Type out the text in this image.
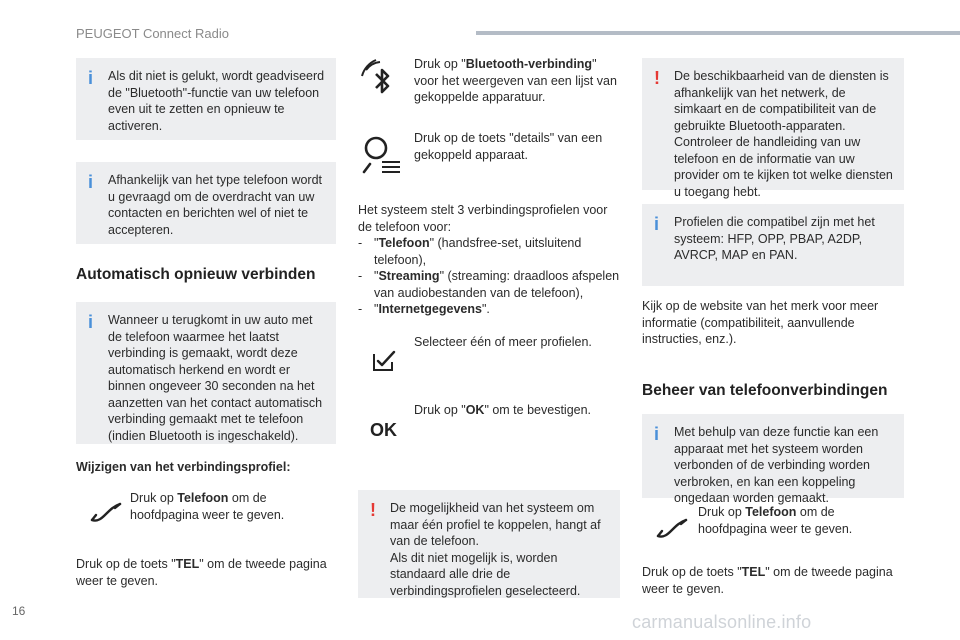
PEUGEOT Connect Radio
i Als dit niet is gelukt, wordt geadviseerd de "Bluetooth"-functie van uw telefoon even uit te zetten en opnieuw te activeren.

i Afhankelijk van het type telefoon wordt u gevraagd om de overdracht van uw contacten en berichten wel of niet te accepteren.

Automatisch opnieuw verbinden
i Wanneer u terugkomt in uw auto met de telefoon waarmee het laatst verbinding is gemaakt, wordt deze automatisch herkend en wordt er binnen ongeveer 30 seconden na het aanzetten van het contact automatisch verbinding gemaakt met te telefoon (indien Bluetooth is ingeschakeld).

Wijzigen van het verbindingsprofiel:

Druk op Telefoon om de hoofdpagina weer te geven.

Druk op de toets "TEL" om de tweede pagina weer te geven.

16

Druk op "Bluetooth-verbinding" voor het weergeven van een lijst van gekoppelde apparatuur.

Druk op de toets "details" van een gekoppeld apparaat.

Het systeem stelt 3 verbindingsprofielen voor de telefoon voor:

- "Telefoon" (handsfree-set, uitsluitend telefoon),
- "Streaming" (streaming: draadloos afspelen van audiobestanden van de telefoon),
- "Internetgegevens".

Selecteer één of meer profielen.

OK

Druk op "OK" om te bevestigen.

! De mogelijkheid van het systeem om maar één profiel te koppelen, hangt af van de telefoon.
Als dit niet mogelijk is, worden standaard alle drie de verbindingsprofielen geselecteerd.

! De beschikbaarheid van de diensten is afhankelijk van het netwerk, de simkaart en de compatibiliteit van de gebruikte Bluetooth-apparaten. Controleer de handleiding van uw telefoon en de informatie van uw provider om te kijken tot welke diensten u toegang hebt.

i Profielen die compatibel zijn met het systeem: HFP, OPP, PBAP, A2DP, AVRCP, MAP en PAN.

Kijk op de website van het merk voor meer informatie (compatibiliteit, aanvullende instructies, enz.).

Beheer van telefoonverbindingen
i Met behulp van deze functie kan een apparaat met het systeem worden verbonden of de verbinding worden verbroken, en kan een koppeling ongedaan worden gemaakt.

Druk op Telefoon om de hoofdpagina weer te geven.

Druk op de toets "TEL" om de tweede pagina weer te geven.

carmanualsonline.info
